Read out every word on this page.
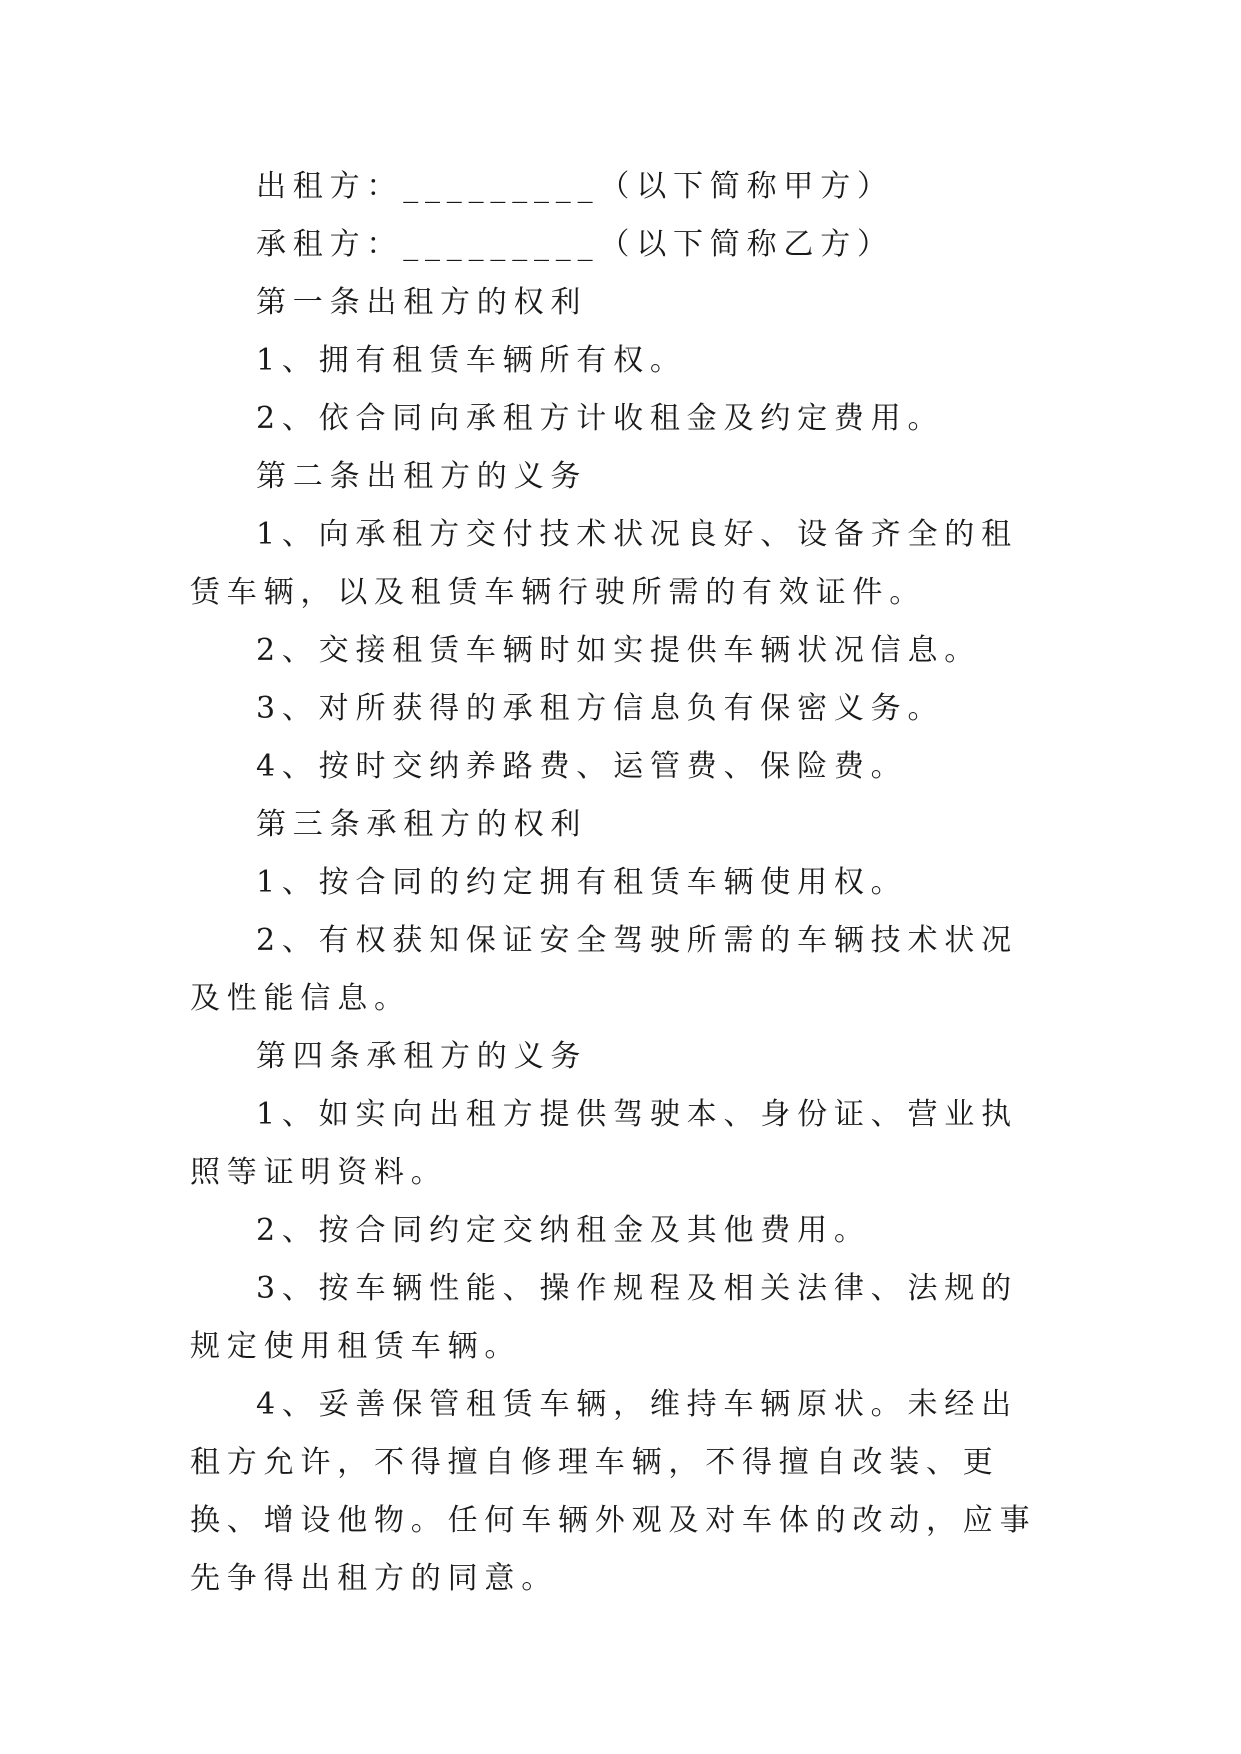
出租方：_________（以下简称甲方）

承租方：_________（以下简称乙方）

第一条出租方的权利

1、拥有租赁车辆所有权。

2、依合同向承租方计收租金及约定费用。

第二条出租方的义务

1、向承租方交付技术状况良好、设备齐全的租赁车辆，以及租赁车辆行驶所需的有效证件。

2、交接租赁车辆时如实提供车辆状况信息。

3、对所获得的承租方信息负有保密义务。

4、按时交纳养路费、运管费、保险费。

第三条承租方的权利

1、按合同的约定拥有租赁车辆使用权。

2、有权获知保证安全驾驶所需的车辆技术状况及性能信息。

第四条承租方的义务

1、如实向出租方提供驾驶本、身份证、营业执照等证明资料。

2、按合同约定交纳租金及其他费用。

3、按车辆性能、操作规程及相关法律、法规的规定使用租赁车辆。

4、妥善保管租赁车辆，维持车辆原状。未经出租方允许，不得擅自修理车辆，不得擅自改装、更换、增设他物。任何车辆外观及对车体的改动，应事先争得出租方的同意。
